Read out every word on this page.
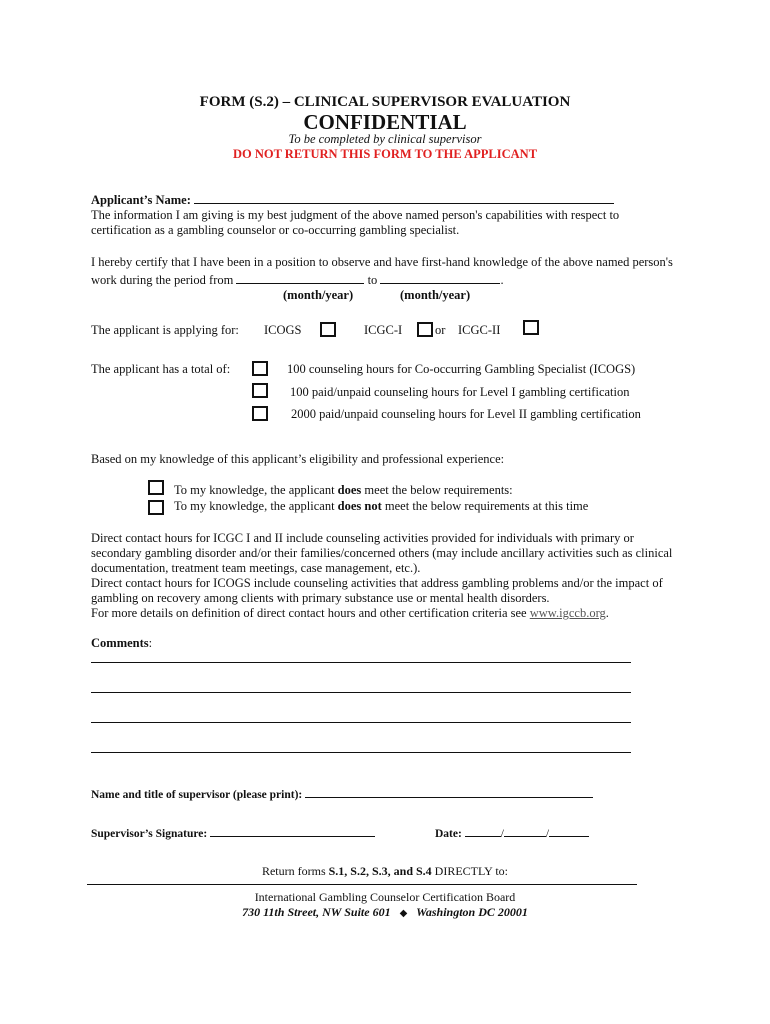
FORM (S.2) – CLINICAL SUPERVISOR EVALUATION
CONFIDENTIAL
To be completed by clinical supervisor
DO NOT RETURN THIS FORM TO THE APPLICANT
Applicant’s Name:
The information I am giving is my best judgment of the above named person's capabilities with respect to
certification as a gambling counselor or co-occurring gambling specialist.
I hereby certify that I have been in a position to observe and have first-hand knowledge of the above named person's
work during the period from	to	.
(month/year)	(month/year)
The applicant is applying for: ICOGS	ICGC-I	or ICGC-II
The applicant has a total of:	100 counseling hours for Co-occurring Gambling Specialist (ICOGS)
100 paid/unpaid counseling hours for Level I gambling certification
2000 paid/unpaid counseling hours for Level II gambling certification
Based on my knowledge of this applicant’s eligibility and professional experience:
To my knowledge, the applicant does meet the below requirements:
To my knowledge, the applicant does not meet the below requirements at this time
Direct contact hours for ICGC I and II include counseling activities provided for individuals with primary or
secondary gambling disorder and/or their families/concerned others (may include ancillary activities such as clinical
documentation, treatment team meetings, case management, etc.).
Direct contact hours for ICOGS include counseling activities that address gambling problems and/or the impact of
gambling on recovery among clients with primary substance use or mental health disorders.
For more details on definition of direct contact hours and other certification criteria see www.igccb.org.
Comments:
Name and title of supervisor (please print):
Supervisor’s Signature:	Date:	/	/
Return forms S.1, S.2, S.3, and S.4 DIRECTLY to:
International Gambling Counselor Certification Board
730 11th Street, NW Suite 601 ◆ Washington DC 20001
